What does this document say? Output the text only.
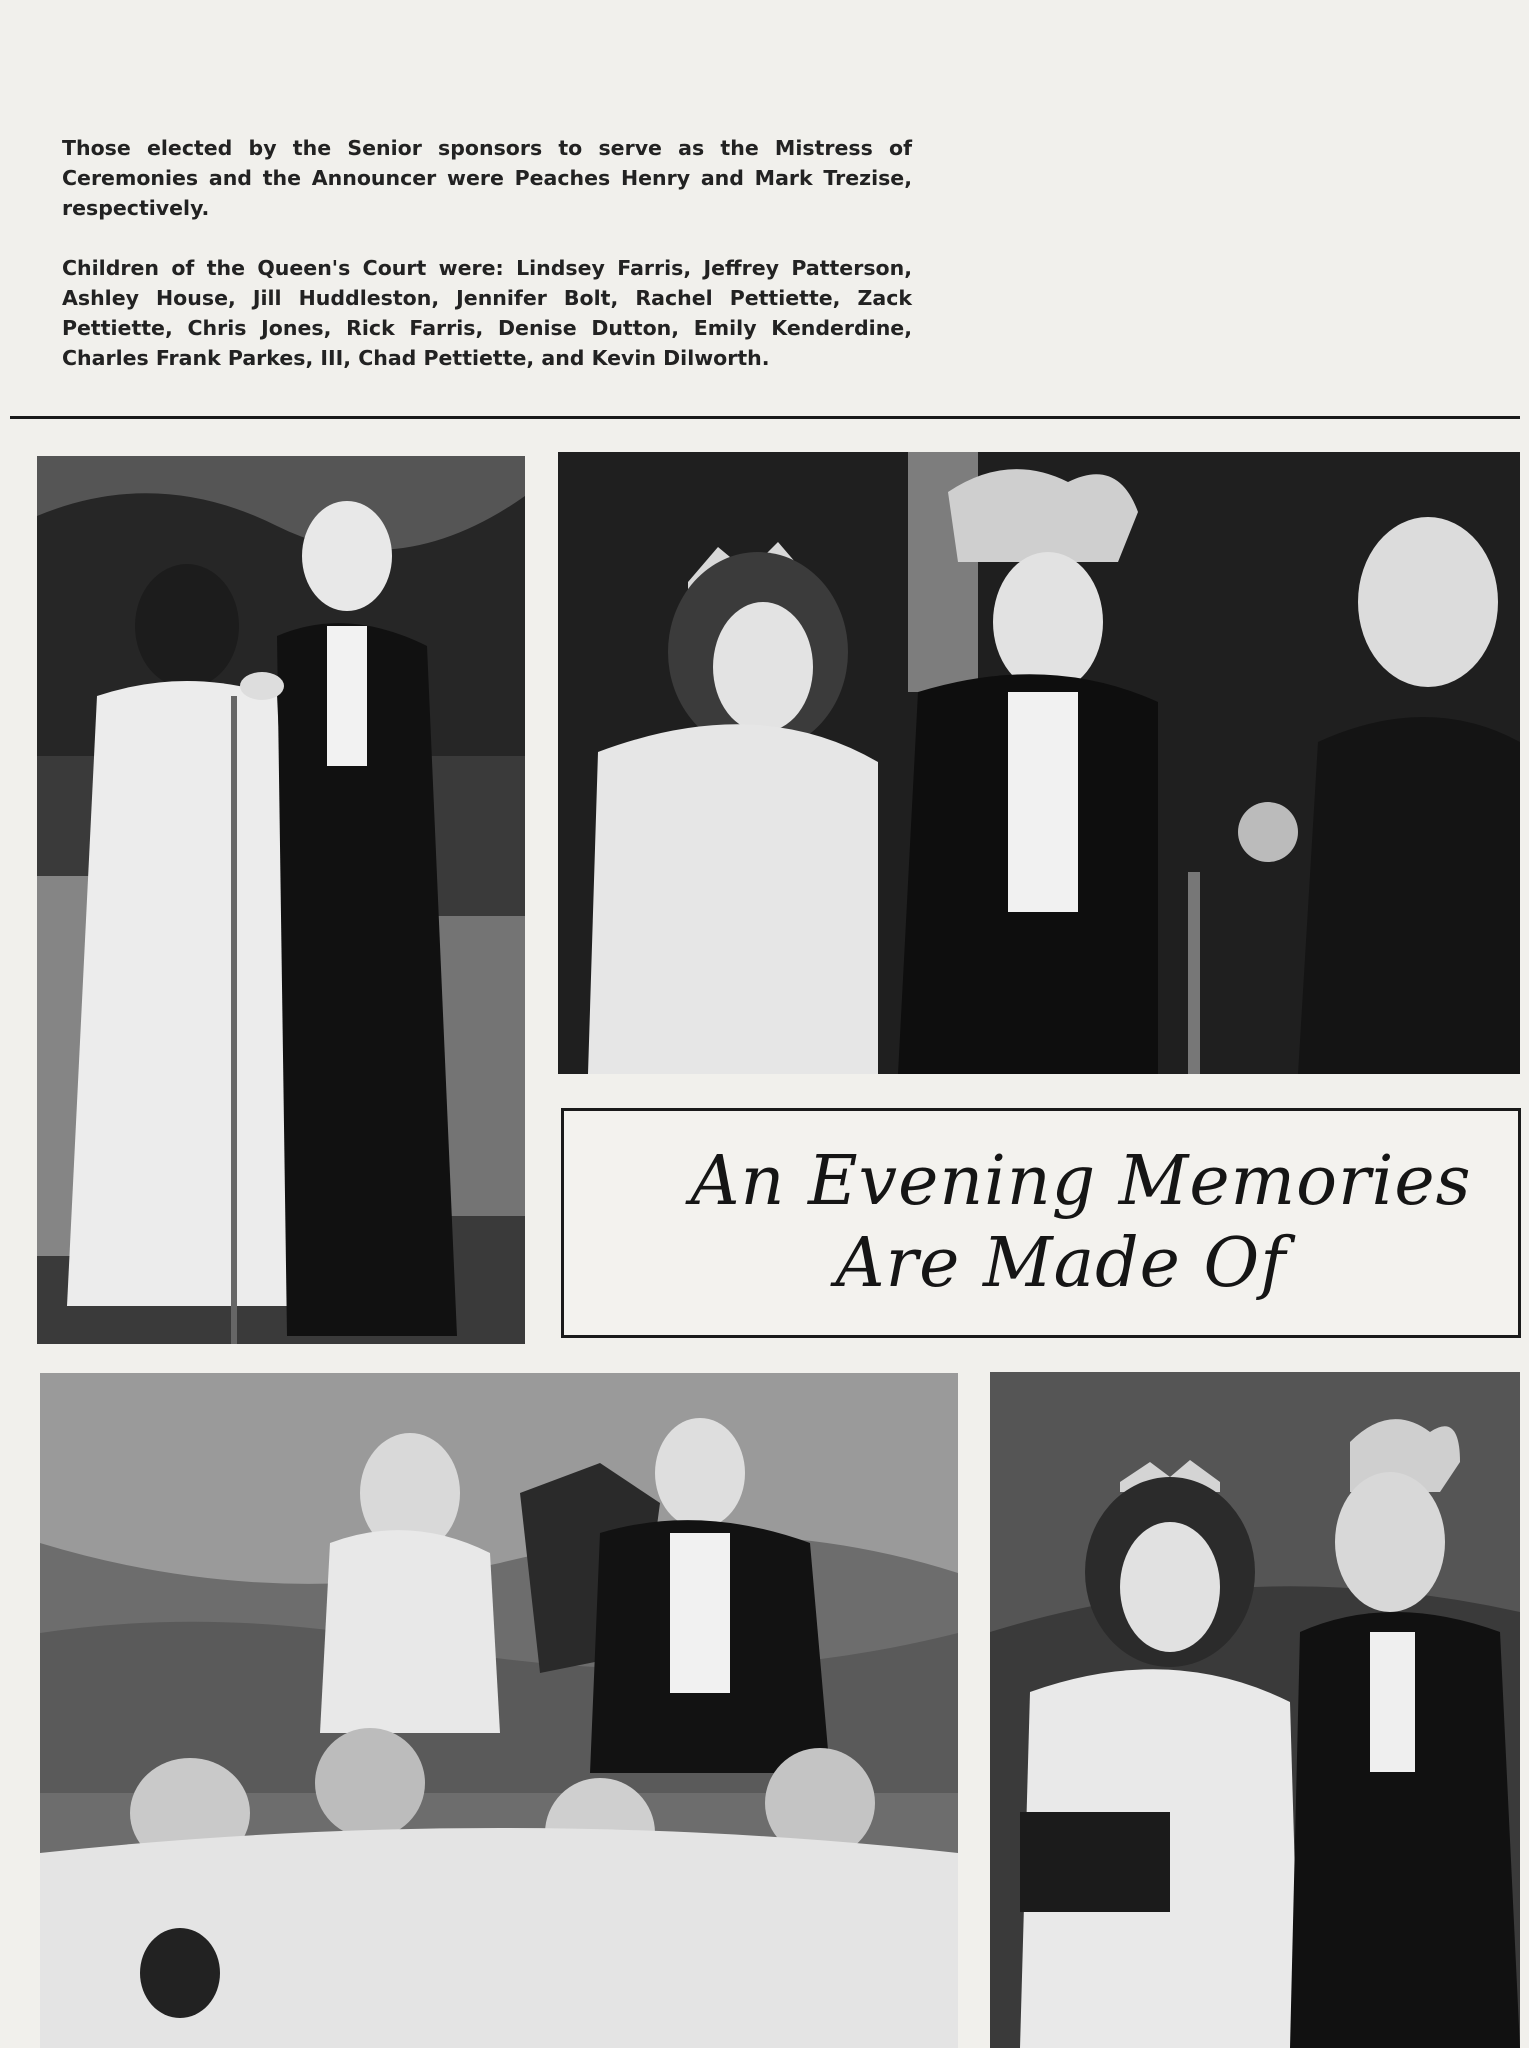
Those elected by the Senior sponsors to serve as the Mistress of Ceremonies and the Announcer were Peaches Henry and Mark Trezise, respectively.

Children of the Queen's Court were: Lindsey Farris, Jeffrey Patterson, Ashley House, Jill Huddleston, Jennifer Bolt, Rachel Pettiette, Zack Pettiette, Chris Jones, Rick Farris, Denise Dutton, Emily Kenderdine, Charles Frank Parkes, III, Chad Pettiette, and Kevin Dilworth.

An Evening Memories
Are Made Of
